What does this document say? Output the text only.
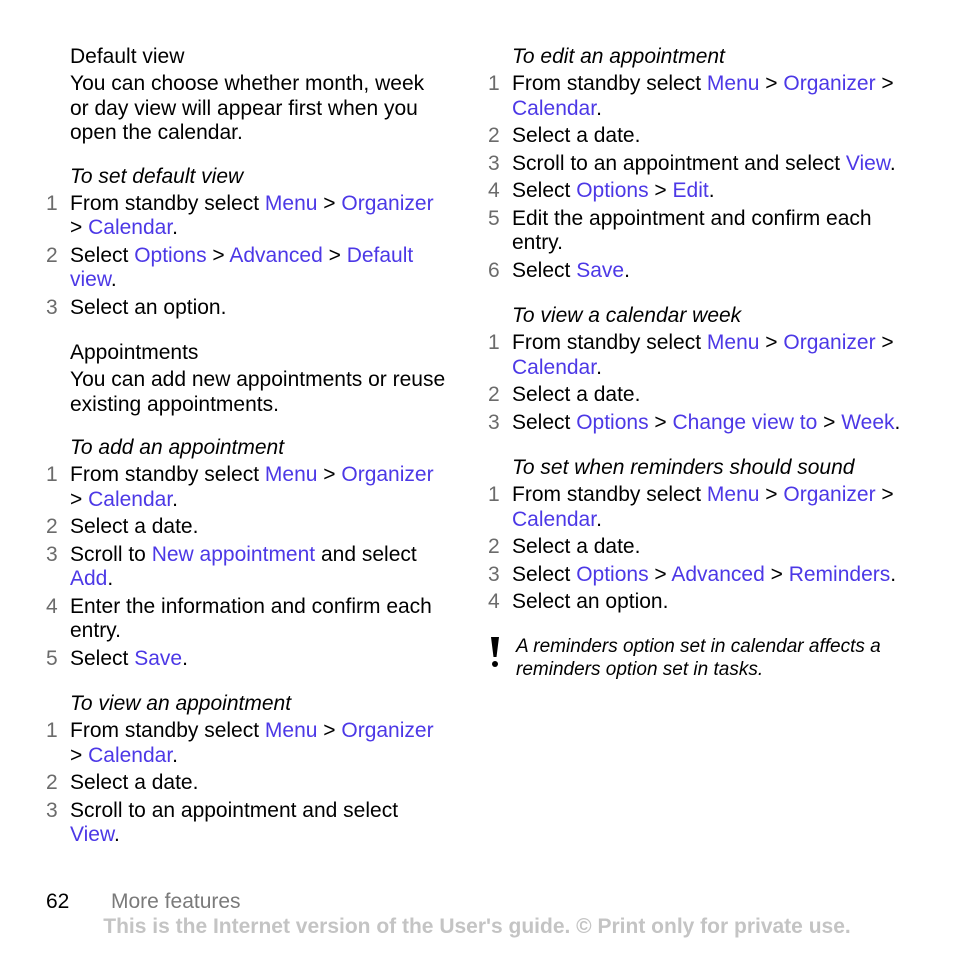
Default view
You can choose whether month, week or day view will appear first when you open the calendar.
To set default view
1 From standby select Menu > Organizer > Calendar.
2 Select Options > Advanced > Default view.
3 Select an option.
Appointments
You can add new appointments or reuse existing appointments.
To add an appointment
1 From standby select Menu > Organizer > Calendar.
2 Select a date.
3 Scroll to New appointment and select Add.
4 Enter the information and confirm each entry.
5 Select Save.
To view an appointment
1 From standby select Menu > Organizer > Calendar.
2 Select a date.
3 Scroll to an appointment and select View.
To edit an appointment
1 From standby select Menu > Organizer > Calendar.
2 Select a date.
3 Scroll to an appointment and select View.
4 Select Options > Edit.
5 Edit the appointment and confirm each entry.
6 Select Save.
To view a calendar week
1 From standby select Menu > Organizer > Calendar.
2 Select a date.
3 Select Options > Change view to > Week.
To set when reminders should sound
1 From standby select Menu > Organizer > Calendar.
2 Select a date.
3 Select Options > Advanced > Reminders.
4 Select an option.
A reminders option set in calendar affects a reminders option set in tasks.
62 More features
This is the Internet version of the User's guide. © Print only for private use.
